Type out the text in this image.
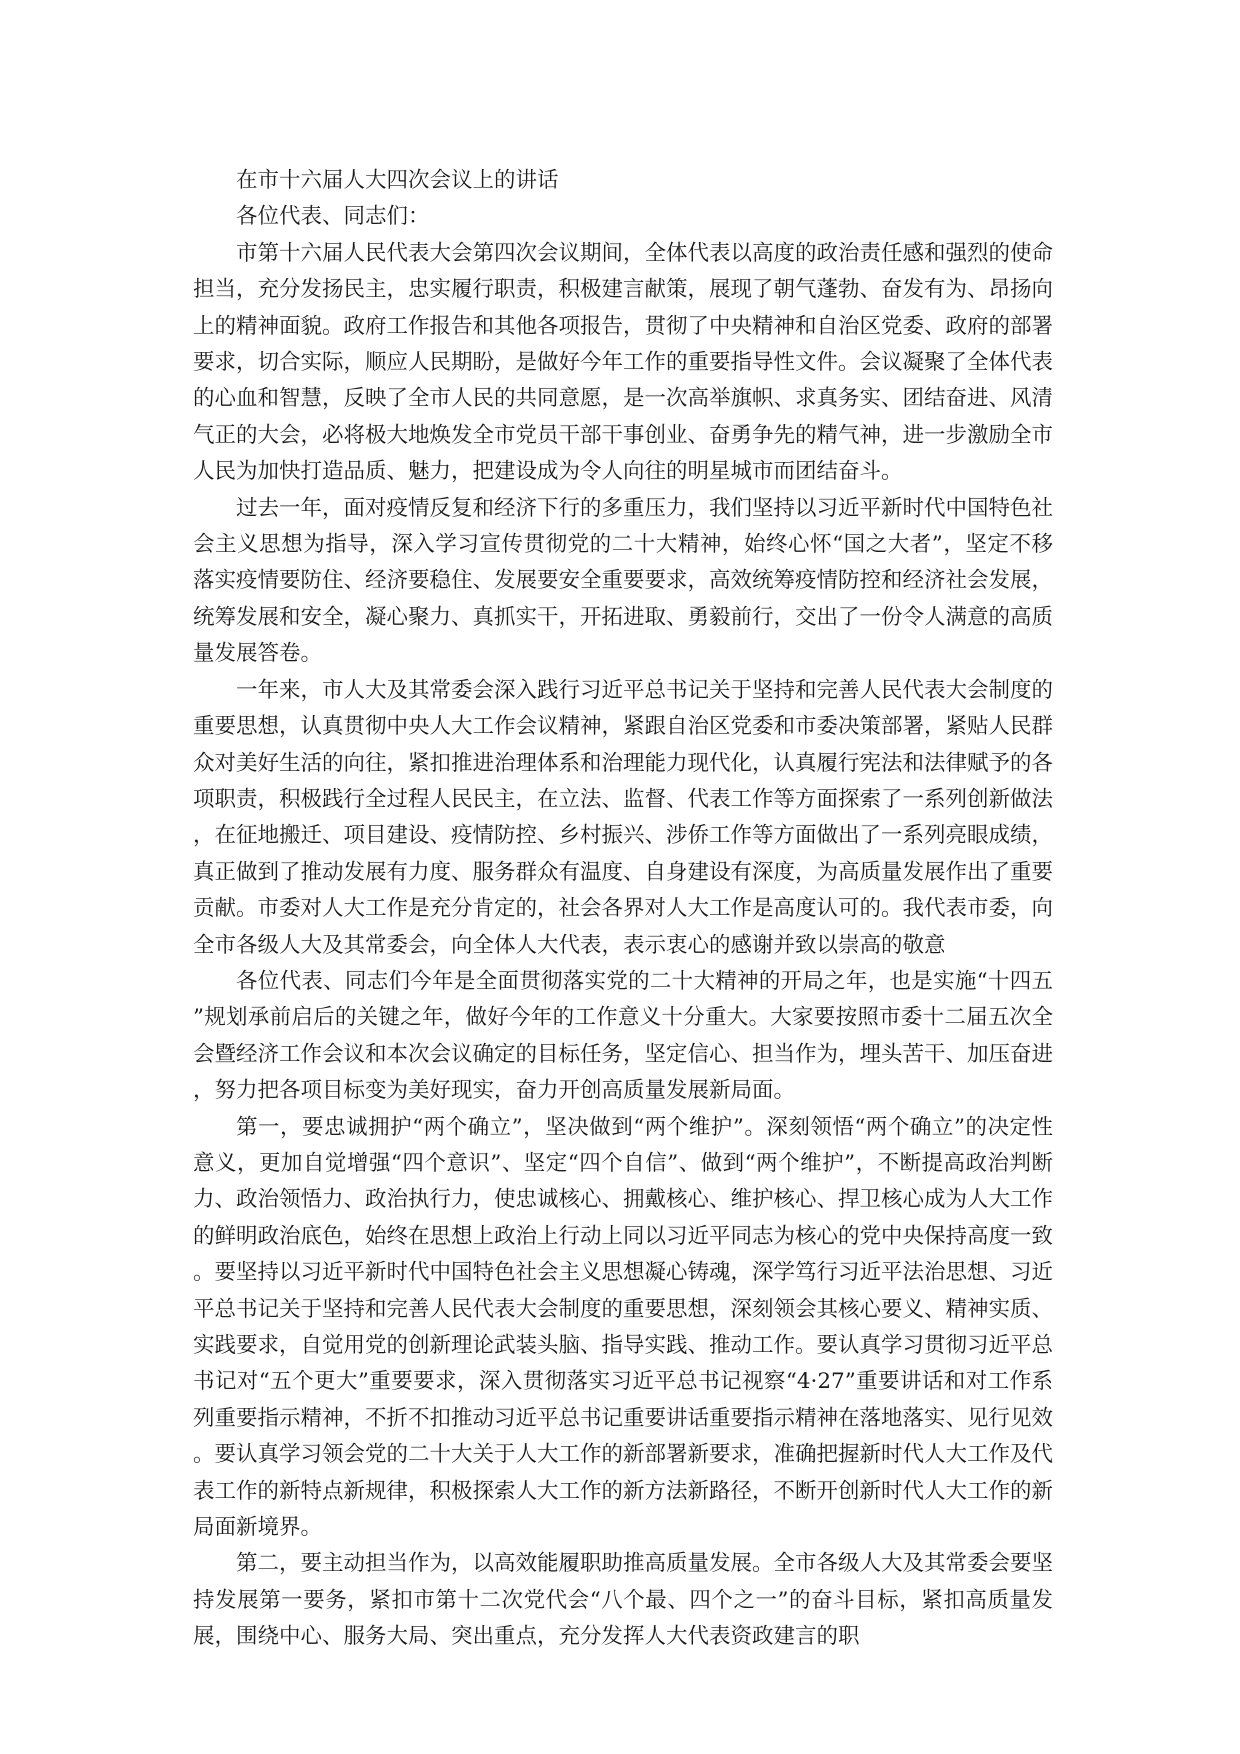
在市十六届人大四次会议上的讲话

各位代表、同志们：

市第十六届人民代表大会第四次会议期间，全体代表以高度的政治责任感和强烈的使命担当，充分发扬民主，忠实履行职责，积极建言献策，展现了朝气蓬勃、奋发有为、昂扬向上的精神面貌。政府工作报告和其他各项报告，贯彻了中央精神和自治区党委、政府的部署要求，切合实际，顺应人民期盼，是做好今年工作的重要指导性文件。会议凝聚了全体代表的心血和智慧，反映了全市人民的共同意愿，是一次高举旗帜、求真务实、团结奋进、风清气正的大会，必将极大地焕发全市党员干部干事创业、奋勇争先的精气神，进一步激励全市人民为加快打造品质、魅力，把建设成为令人向往的明星城市而团结奋斗。

过去一年，面对疫情反复和经济下行的多重压力，我们坚持以习近平新时代中国特色社会主义思想为指导，深入学习宣传贯彻党的二十大精神，始终心怀“国之大者”，坚定不移落实疫情要防住、经济要稳住、发展要安全重要要求，高效统筹疫情防控和经济社会发展，统筹发展和安全，凝心聚力、真抓实干，开拓进取、勇毅前行，交出了一份令人满意的高质量发展答卷。

一年来，市人大及其常委会深入践行习近平总书记关于坚持和完善人民代表大会制度的重要思想，认真贯彻中央人大工作会议精神，紧跟自治区党委和市委决策部署，紧贴人民群众对美好生活的向往，紧扣推进治理体系和治理能力现代化，认真履行宪法和法律赋予的各项职责，积极践行全过程人民民主，在立法、监督、代表工作等方面探索了一系列创新做法，在征地搬迁、项目建设、疫情防控、乡村振兴、涉侨工作等方面做出了一系列亮眼成绩，真正做到了推动发展有力度、服务群众有温度、自身建设有深度，为高质量发展作出了重要贡献。市委对人大工作是充分肯定的，社会各界对人大工作是高度认可的。我代表市委，向全市各级人大及其常委会，向全体人大代表，表示衷心的感谢并致以崇高的敬意

各位代表、同志们今年是全面贯彻落实党的二十大精神的开局之年，也是实施“十四五”规划承前启后的关键之年，做好今年的工作意义十分重大。大家要按照市委十二届五次全会暨经济工作会议和本次会议确定的目标任务，坚定信心、担当作为，埋头苦干、加压奋进，努力把各项目标变为美好现实，奋力开创高质量发展新局面。

第一，要忠诚拥护“两个确立”，坚决做到“两个维护”。深刻领悟“两个确立”的决定性意义，更加自觉增强“四个意识”、坚定“四个自信”、做到“两个维护”，不断提高政治判断力、政治领悟力、政治执行力，使忠诚核心、拥戴核心、维护核心、捍卫核心成为人大工作的鲜明政治底色，始终在思想上政治上行动上同以习近平同志为核心的党中央保持高度一致。要坚持以习近平新时代中国特色社会主义思想凝心铸魂，深学笃行习近平法治思想、习近平总书记关于坚持和完善人民代表大会制度的重要思想，深刻领会其核心要义、精神实质、实践要求，自觉用党的创新理论武装头脑、指导实践、推动工作。要认真学习贯彻习近平总书记对“五个更大”重要要求，深入贯彻落实习近平总书记视察“4·27”重要讲话和对工作系列重要指示精神，不折不扣推动习近平总书记重要讲话重要指示精神在落地落实、见行见效。要认真学习领会党的二十大关于人大工作的新部署新要求，准确把握新时代人大工作及代表工作的新特点新规律，积极探索人大工作的新方法新路径，不断开创新时代人大工作的新局面新境界。

第二，要主动担当作为，以高效能履职助推高质量发展。全市各级人大及其常委会要坚持发展第一要务，紧扣市第十二次党代会“八个最、四个之一”的奋斗目标，紧扣高质量发展，围绕中心、服务大局、突出重点，充分发挥人大代表资政建言的职
